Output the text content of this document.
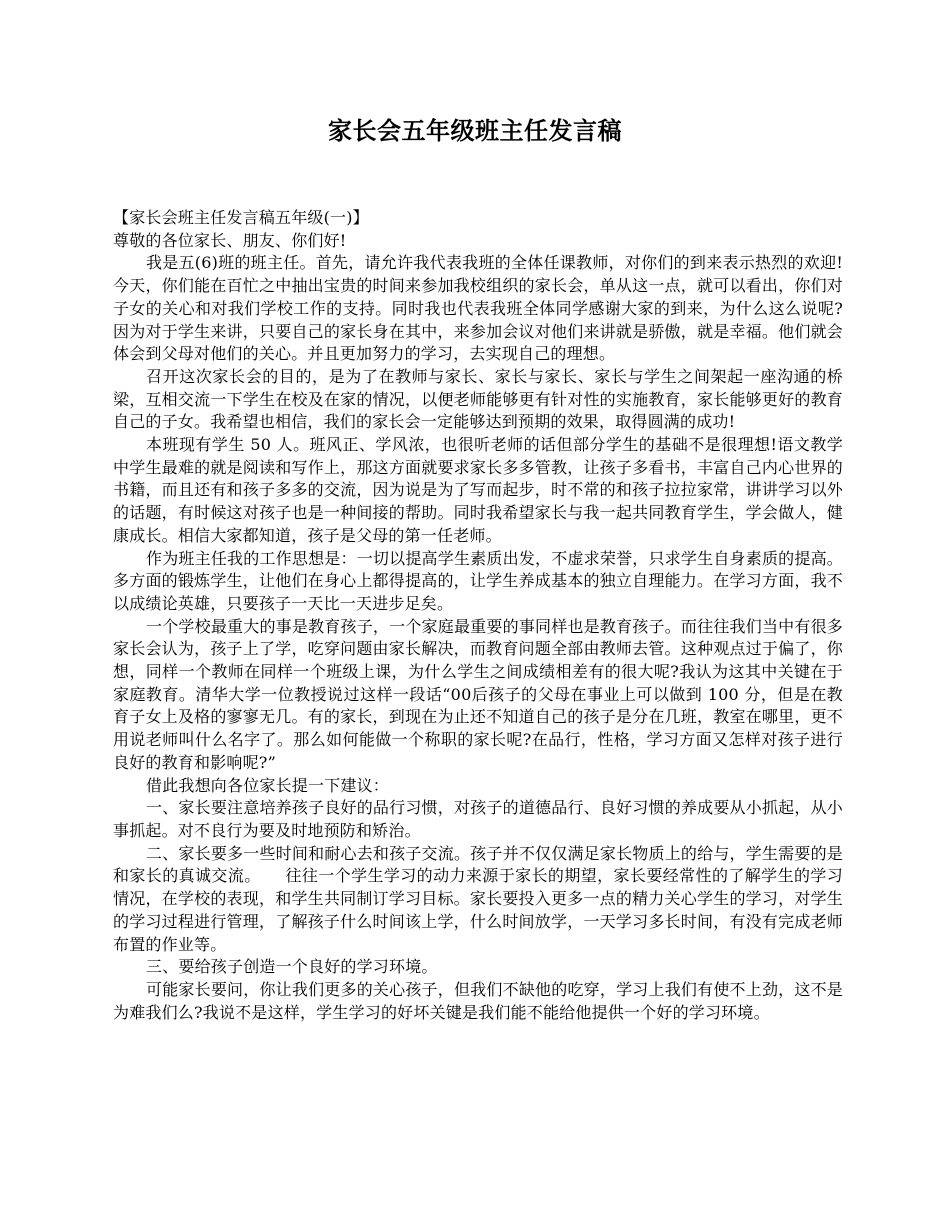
家长会五年级班主任发言稿

【家长会班主任发言稿五年级(一)】

尊敬的各位家长、朋友、你们好!

我是五(6)班的班主任。首先，请允许我代表我班的全体任课教师，对你们的到来表示热烈的欢迎!今天，你们能在百忙之中抽出宝贵的时间来参加我校组织的家长会，单从这一点，就可以看出，你们对子女的关心和对我们学校工作的支持。同时我也代表我班全体同学感谢大家的到来，为什么这么说呢?因为对于学生来讲，只要自己的家长身在其中，来参加会议对他们来讲就是骄傲，就是幸福。他们就会体会到父母对他们的关心。并且更加努力的学习，去实现自己的理想。

召开这次家长会的目的，是为了在教师与家长、家长与家长、家长与学生之间架起一座沟通的桥梁，互相交流一下学生在校及在家的情况，以便老师能够更有针对性的实施教育，家长能够更好的教育自己的子女。我希望也相信，我们的家长会一定能够达到预期的效果，取得圆满的成功!

本班现有学生 50 人。班风正、学风浓，也很听老师的话但部分学生的基础不是很理想!语文教学中学生最难的就是阅读和写作上，那这方面就要求家长多多管教，让孩子多看书，丰富自己内心世界的书籍，而且还有和孩子多多的交流，因为说是为了写而起步，时不常的和孩子拉拉家常，讲讲学习以外的话题，有时候这对孩子也是一种间接的帮助。同时我希望家长与我一起共同教育学生，学会做人，健康成长。相信大家都知道，孩子是父母的第一任老师。

作为班主任我的工作思想是：一切以提高学生素质出发，不虚求荣誉，只求学生自身素质的提高。多方面的锻炼学生，让他们在身心上都得提高的，让学生养成基本的独立自理能力。在学习方面，我不以成绩论英雄，只要孩子一天比一天进步足矣。

一个学校最重大的事是教育孩子，一个家庭最重要的事同样也是教育孩子。而往往我们当中有很多家长会认为，孩子上了学，吃穿问题由家长解决，而教育问题全部由教师去管。这种观点过于偏了，你想，同样一个教师在同样一个班级上课，为什么学生之间成绩相差有的很大呢?我认为这其中关键在于家庭教育。清华大学一位教授说过这样一段话“00后孩子的父母在事业上可以做到 100 分，但是在教育子女上及格的寥寥无几。有的家长，到现在为止还不知道自己的孩子是分在几班，教室在哪里，更不用说老师叫什么名字了。那么如何能做一个称职的家长呢?在品行，性格，学习方面又怎样对孩子进行良好的教育和影响呢?”

借此我想向各位家长提一下建议：

一、家长要注意培养孩子良好的品行习惯，对孩子的道德品行、良好习惯的养成要从小抓起，从小事抓起。对不良行为要及时地预防和矫治。

二、家长要多一些时间和耐心去和孩子交流。孩子并不仅仅满足家长物质上的给与，学生需要的是和家长的真诚交流。　　往往一个学生学习的动力来源于家长的期望，家长要经常性的了解学生的学习情况，在学校的表现，和学生共同制订学习目标。家长要投入更多一点的精力关心学生的学习，对学生的学习过程进行管理，了解孩子什么时间该上学，什么时间放学，一天学习多长时间，有没有完成老师布置的作业等。

三、要给孩子创造一个良好的学习环境。

可能家长要问，你让我们更多的关心孩子，但我们不缺他的吃穿，学习上我们有使不上劲，这不是为难我们么?我说不是这样，学生学习的好坏关键是我们能不能给他提供一个好的学习环境。
